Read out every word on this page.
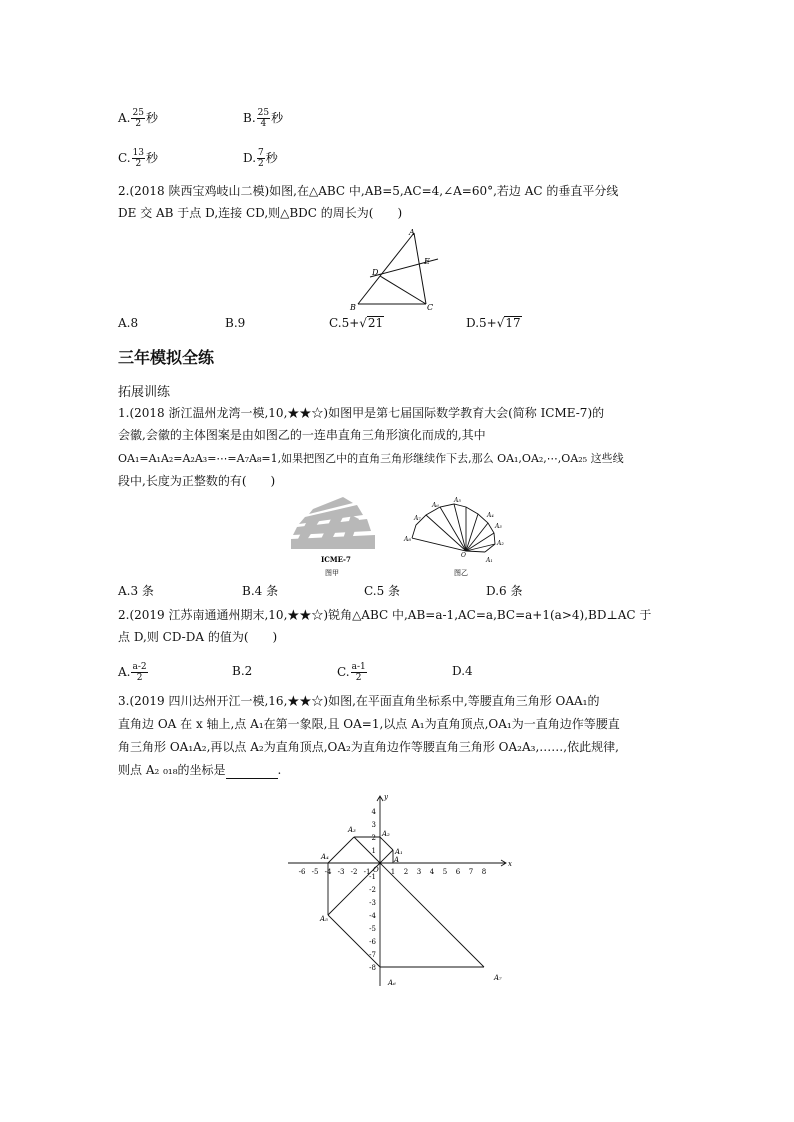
A. $\frac{25}{2}$ 秒	B. $\frac{25}{4}$ 秒
C. $\frac{13}{2}$ 秒	D. $\frac{7}{2}$ 秒
2.(2018 陕西宝鸡岐山二模)如图,在△ABC 中,AB=5,AC=4,∠A=60°,若边 AC 的垂直平分线
DE 交 AB 于点 D,连接 CD,则△BDC 的周长为(　　)
A
B	C
D
E
A.8	B.9	C.5+√21	D.5+√17
三年模拟全练
拓展训练
1.(2018 浙江温州龙湾一模,10,★★☆)如图甲是第七届国际数学教育大会(简称 ICME-7)的
会徽,会徽的主体图案是由如图乙的一连串直角三角形演化而成的,其中
OA₁=A₁A₂=A₂A₃=⋯=A₇A₈=1,如果把图乙中的直角三角形继续作下去,那么 OA₁,OA₂,⋯,OA₂₅ 这些线
段中,长度为正整数的有(　　)
ICME-7
图甲
A₁
A₂
A₃
A₄
A₅
A₆
A₇
A₈
O
图乙
A.3 条	B.4 条	C.5 条	D.6 条
2.(2019 江苏南通通州期末,10,★★☆)锐角△ABC 中,AB=a-1,AC=a,BC=a+1(a>4),BD⊥AC 于
点 D,则 CD-DA 的值为(　　)
A. $\frac{a-2}{2}$	B.2	C. $\frac{a-1}{2}$	D.4
3.(2019 四川达州开江一模,16,★★☆)如图,在平面直角坐标系中,等腰直角三角形 OAA₁的
直角边 OA 在 x 轴上,点 A₁在第一象限,且 OA=1,以点 A₁为直角顶点,OA₁为一直角边作等腰直
角三角形 OA₁A₂,再以点 A₂为直角顶点,OA₂为直角边作等腰直角三角形 OA₂A₃,……,依此规律,
则点 A₂ ₀₁₈的坐标是	.
x
y
O
A
A₁
A₂
A₃
A₄
A₅
A₆
A₇
-6 -5 -4 -3 -2 -1	1 2 3 4 5 6 7 8
4
3
2
1
-1
-2
-3
-4
-5
-6
-7
-8
